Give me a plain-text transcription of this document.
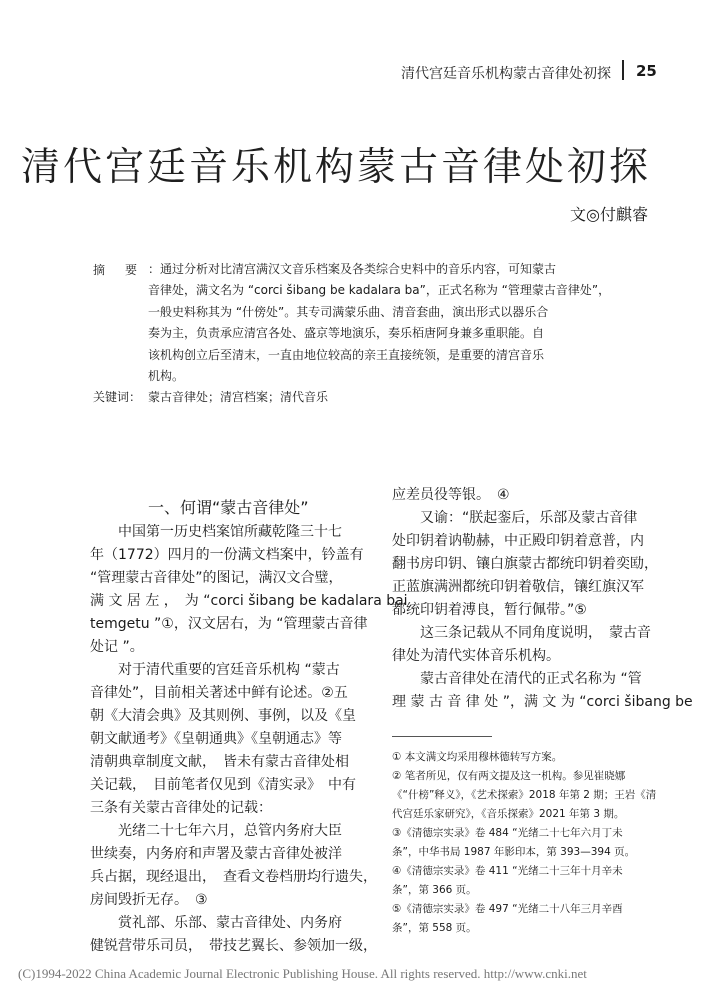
清代宫廷音乐机构蒙古音律处初探 25
清代宫廷音乐机构蒙古音律处初探
文◎付麒睿
摘　要 ：通过分析对比清宫满汉文音乐档案及各类综合史料中的音乐内容，可知蒙古
音律处，满文名为 “corci šibang be kadalara ba”，正式名称为 “管理蒙古音律处”，
一般史料称其为 “什傍处”。其专司满蒙乐曲、清音套曲，演出形式以器乐合
奏为主，负责承应清宫各处、盛京等地演乐，奏乐栢唐阿身兼多重职能。自
该机构创立后至清末，一直由地位较高的亲王直接统领，是重要的清宫音乐
机构。
关键词： 蒙古音律处；清宫档案；清代音乐
一、何谓“蒙古音律处”
中国第一历史档案馆所藏乾隆三十七
年（1772）四月的一份满文档案中，钤盖有
“管理蒙古音律处”的图记，满汉文合璧，
满 文 居 左 ，　为 “corci šibang be kadalara bai
temgetu ”①，汉文居右，为 “管理蒙古音律
处记 ”。
对于清代重要的宫廷音乐机构 “蒙古
音律处”，目前相关著述中鲜有论述。②五
朝《大清会典》及其则例、事例，以及《皇
朝文献通考》《皇朝通典》《皇朝通志》等
清朝典章制度文献，　皆未有蒙古音律处相
关记载，　目前笔者仅见到《清实录》　中有
三条有关蒙古音律处的记载：
光绪二十七年六月，总管内务府大臣
世续奏，内务府和声署及蒙古音律处被洋
兵占据，现经退出，　查看文卷档册均行遗失，
房间毁折无存。　③
赏礼部、乐部、蒙古音律处、内务府
健锐营带乐司员，　带技艺翼长、参领加一级，
应差员役等银。　④
又谕：“朕起銮后，乐部及蒙古音律
处印钥着讷勒赫，中正殿印钥着意普，内
翻书房印钥、镶白旗蒙古都统印钥着奕劻，
正蓝旗满洲都统印钥着敬信，镶红旗汉军
都统印钥着溥良，暂行佩带。”⑤
这三条记载从不同角度说明，　蒙古音
律处为清代实体音乐机构。
蒙古音律处在清代的正式名称为 “管
理 蒙 古 音 律 处 ”，满 文 为 “corci šibang be
① 本文满文均采用穆林德转写方案。
② 笔者所见，仅有两文提及这一机构。参见崔晓娜
《“什榜”释义》，《艺术探索》2018 年第 2 期；王岩《清
代宫廷乐家研究》，《音乐探索》2021 年第 3 期。
③《清德宗实录》卷 484 “光绪二十七年六月丁未
条”，中华书局 1987 年影印本，第 393—394 页。
④《清德宗实录》卷 411 “光绪二十三年十月辛未
条”，第 366 页。
⑤《清德宗实录》卷 497 “光绪二十八年三月辛酉
条”，第 558 页。
(C)1994-2022 China Academic Journal Electronic Publishing House. All rights reserved. http://www.cnki.net
